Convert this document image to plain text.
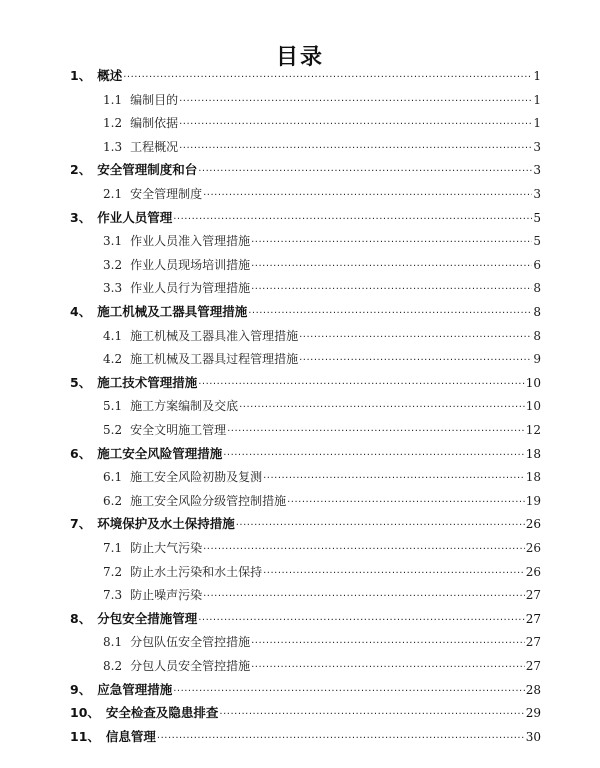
目录
1、 概述 ·····	1
1.1 编制目的 ·····	1
1.2 编制依据 ·····	1
1.3 工程概况 ·····	3
2、 安全管理制度和台 ·····	3
2.1 安全管理制度 ·····	3
3、 作业人员管理 ·····	5
3.1 作业人员准入管理措施 ·····	5
3.2 作业人员现场培训措施 ·····	6
3.3 作业人员行为管理措施 ·····	8
4、 施工机械及工器具管理措施 ·····	8
4.1 施工机械及工器具准入管理措施 ·····	8
4.2 施工机械及工器具过程管理措施 ·····	9
5、 施工技术管理措施 ·····	10
5.1 施工方案编制及交底 ·····	10
5.2 安全文明施工管理 ·····	12
6、 施工安全风险管理措施 ·····	18
6.1 施工安全风险初勘及复测 ·····	18
6.2 施工安全风险分级管控制措施 ·····	19
7、 环境保护及水土保持措施 ·····	26
7.1 防止大气污染 ·····	26
7.2 防止水土污染和水土保持 ·····	26
7.3 防止噪声污染 ·····	27
8、 分包安全措施管理 ·····	27
8.1 分包队伍安全管控措施 ·····	27
8.2 分包人员安全管控措施 ·····	27
9、 应急管理措施 ·····	28
10、 安全检查及隐患排查 ·····	29
11、 信息管理 ·····	30
